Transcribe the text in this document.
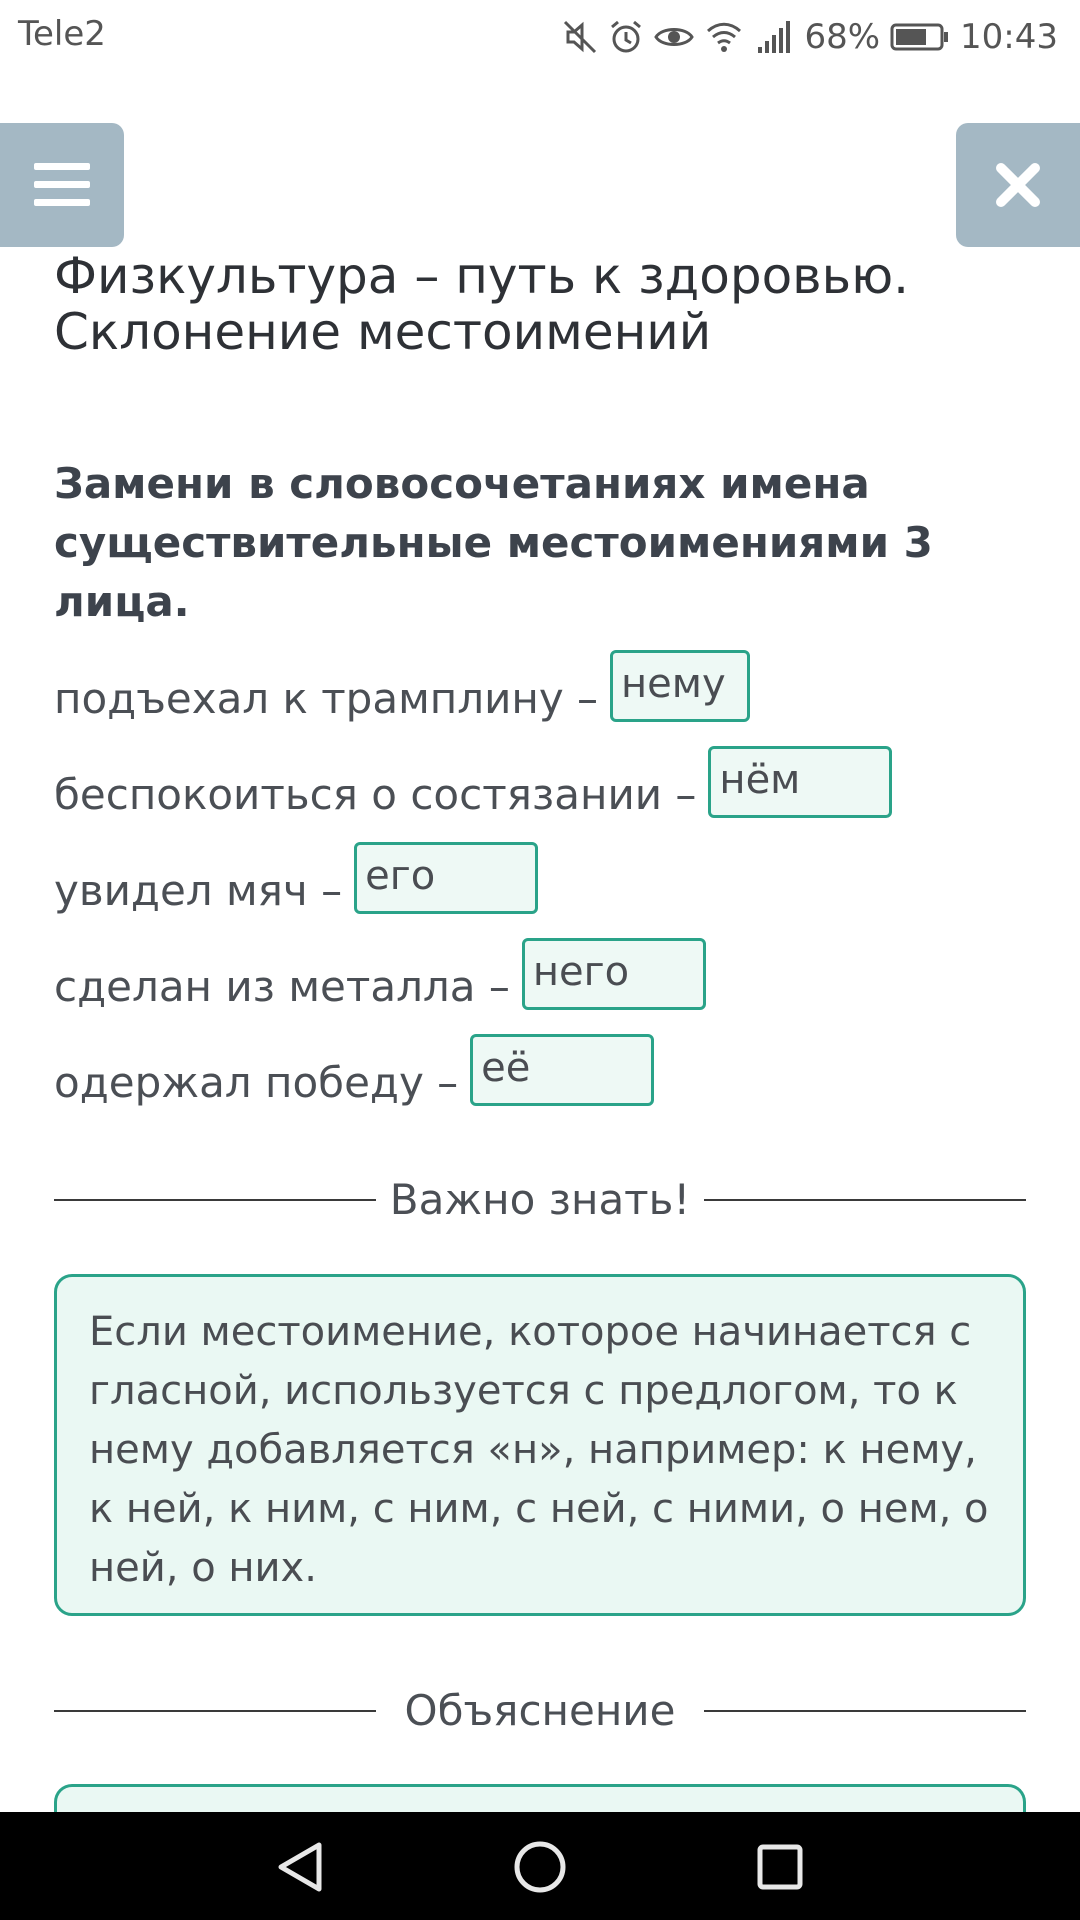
Tele2	68% 10:43
Физкультура – путь к здоровью. Склонение местоимений

Замени в словосочетаниях имена существительные местоимениями 3 лица.

подъехал к трамплину – нему
беспокоиться о состязании – нём
увидел мяч – его
сделан из металла – него
одержал победу – её
Важно знать!
Если местоимение, которое начинается с гласной, используется с предлогом, то к нему добавляется «н», например: к нему, к ней, к ним, с ним, с ней, с ними, о нем, о ней, о них.
Объяснение
